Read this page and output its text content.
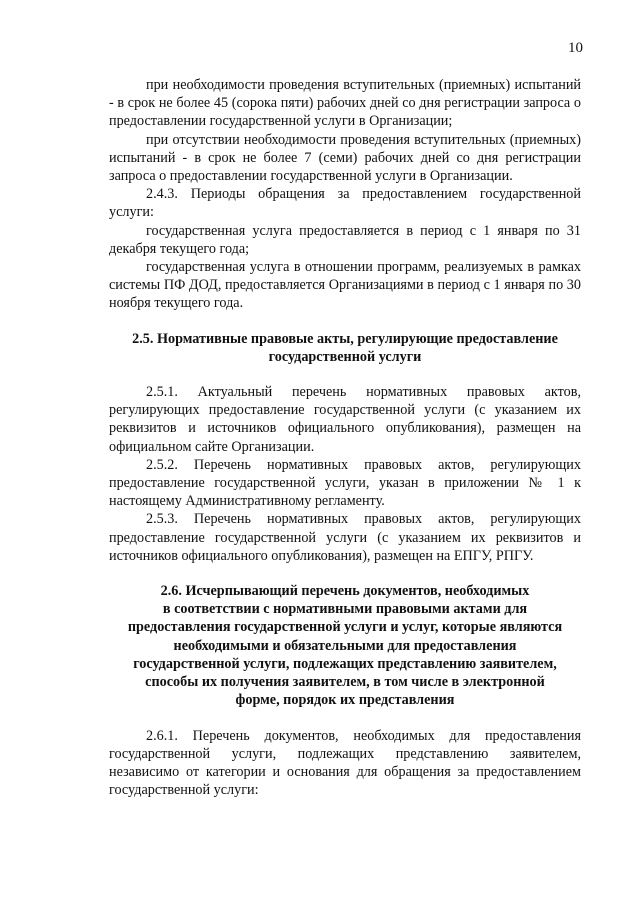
10

при необходимости проведения вступительных (приемных) испытаний - в срок не более 45 (сорока пяти) рабочих дней со дня регистрации запроса о предоставлении государственной услуги в Организации;

при отсутствии необходимости проведения вступительных (приемных) испытаний - в срок не более 7 (семи) рабочих дней со дня регистрации запроса о предоставлении государственной услуги в Организации.

2.4.3. Периоды обращения за предоставлением государственной услуги:

государственная услуга предоставляется в период с 1 января по 31 декабря текущего года;

государственная услуга в отношении программ, реализуемых в рамках системы ПФ ДОД, предоставляется Организациями в период с 1 января по 30 ноября текущего года.

2.5. Нормативные правовые акты, регулирующие предоставление
государственной услуги

2.5.1. Актуальный перечень нормативных правовых актов, регулирующих предоставление государственной услуги (с указанием их реквизитов и источников официального опубликования), размещен на официальном сайте Организации.

2.5.2. Перечень нормативных правовых актов, регулирующих предоставление государственной услуги, указан в приложении № 1 к настоящему Административному регламенту.

2.5.3. Перечень нормативных правовых актов, регулирующих предоставление государственной услуги (с указанием их реквизитов и источников официального опубликования), размещен на ЕПГУ, РПГУ.

2.6. Исчерпывающий перечень документов, необходимых
в соответствии с нормативными правовыми актами для
предоставления государственной услуги и услуг, которые являются
необходимыми и обязательными для предоставления
государственной услуги, подлежащих представлению заявителем,
способы их получения заявителем, в том числе в электронной
форме, порядок их представления

2.6.1. Перечень документов, необходимых для предоставления государственной услуги, подлежащих представлению заявителем, независимо от категории и основания для обращения за предоставлением государственной услуги:
